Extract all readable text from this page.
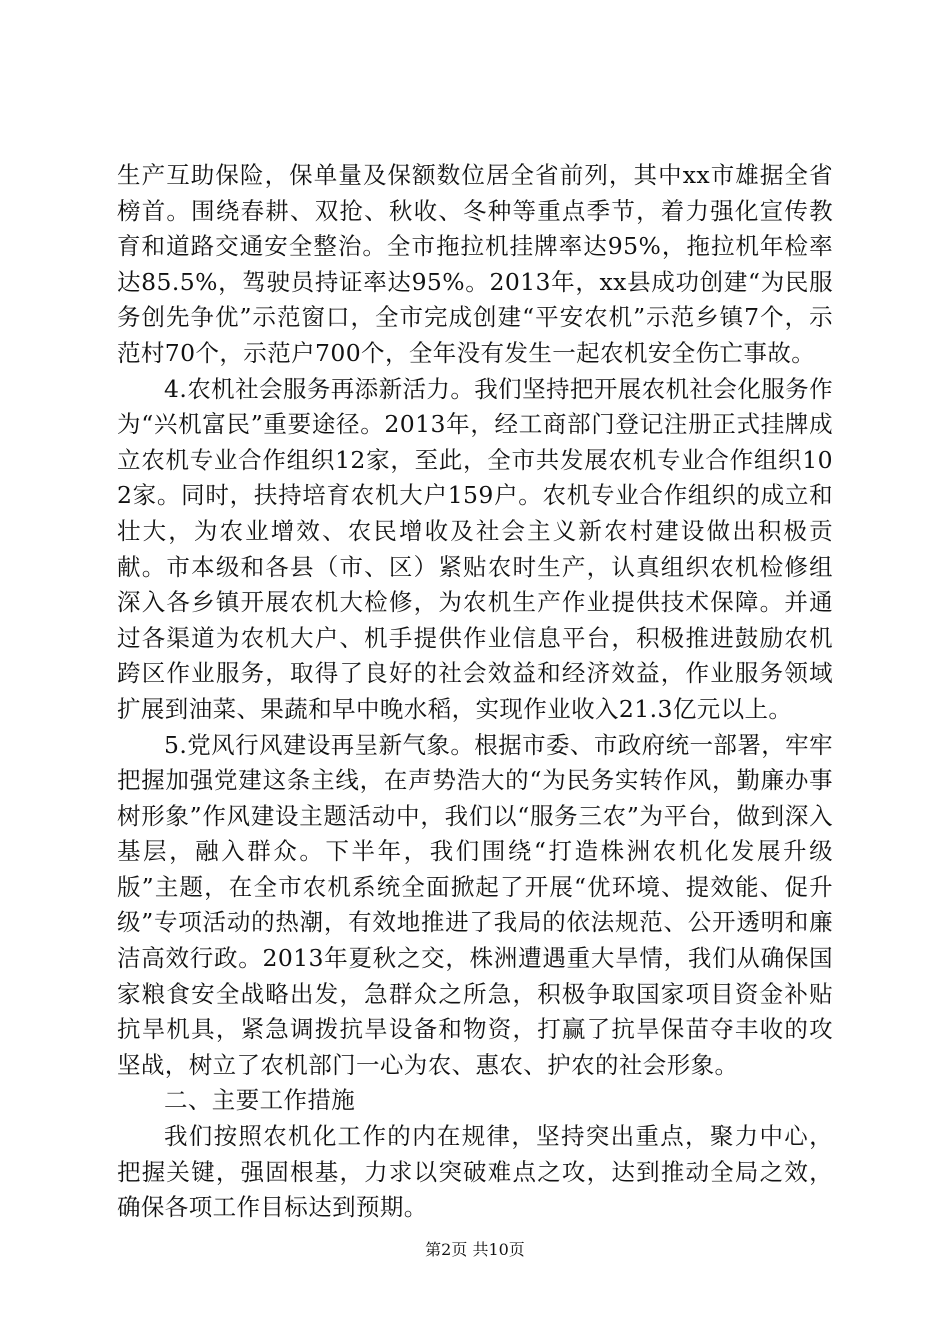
生产互助保险，保单量及保额数位居全省前列，其中xx市雄据全省榜首。围绕春耕、双抢、秋收、冬种等重点季节，着力强化宣传教育和道路交通安全整治。全市拖拉机挂牌率达95%，拖拉机年检率达85.5%，驾驶员持证率达95%。2013年，xx县成功创建“为民服务创先争优”示范窗口，全市完成创建“平安农机”示范乡镇7个，示范村70个，示范户700个，全年没有发生一起农机安全伤亡事故。

4.农机社会服务再添新活力。我们坚持把开展农机社会化服务作为“兴机富民”重要途径。2013年，经工商部门登记注册正式挂牌成立农机专业合作组织12家，至此，全市共发展农机专业合作组织102家。同时，扶持培育农机大户159户。农机专业合作组织的成立和壮大，为农业增效、农民增收及社会主义新农村建设做出积极贡献。市本级和各县（市、区）紧贴农时生产，认真组织农机检修组深入各乡镇开展农机大检修，为农机生产作业提供技术保障。并通过各渠道为农机大户、机手提供作业信息平台，积极推进鼓励农机跨区作业服务，取得了良好的社会效益和经济效益，作业服务领域扩展到油菜、果蔬和早中晚水稻，实现作业收入21.3亿元以上。

5.党风行风建设再呈新气象。根据市委、市政府统一部署，牢牢把握加强党建这条主线，在声势浩大的“为民务实转作风，勤廉办事树形象”作风建设主题活动中，我们以“服务三农”为平台，做到深入基层，融入群众。下半年，我们围绕“打造株洲农机化发展升级版”主题，在全市农机系统全面掀起了开展“优环境、提效能、促升级”专项活动的热潮，有效地推进了我局的依法规范、公开透明和廉洁高效行政。2013年夏秋之交，株洲遭遇重大旱情，我们从确保国家粮食安全战略出发，急群众之所急，积极争取国家项目资金补贴抗旱机具，紧急调拨抗旱设备和物资，打赢了抗旱保苗夺丰收的攻坚战，树立了农机部门一心为农、惠农、护农的社会形象。

二、主要工作措施

我们按照农机化工作的内在规律，坚持突出重点，聚力中心，把握关键，强固根基，力求以突破难点之攻，达到推动全局之效，确保各项工作目标达到预期。

第2页 共10页
